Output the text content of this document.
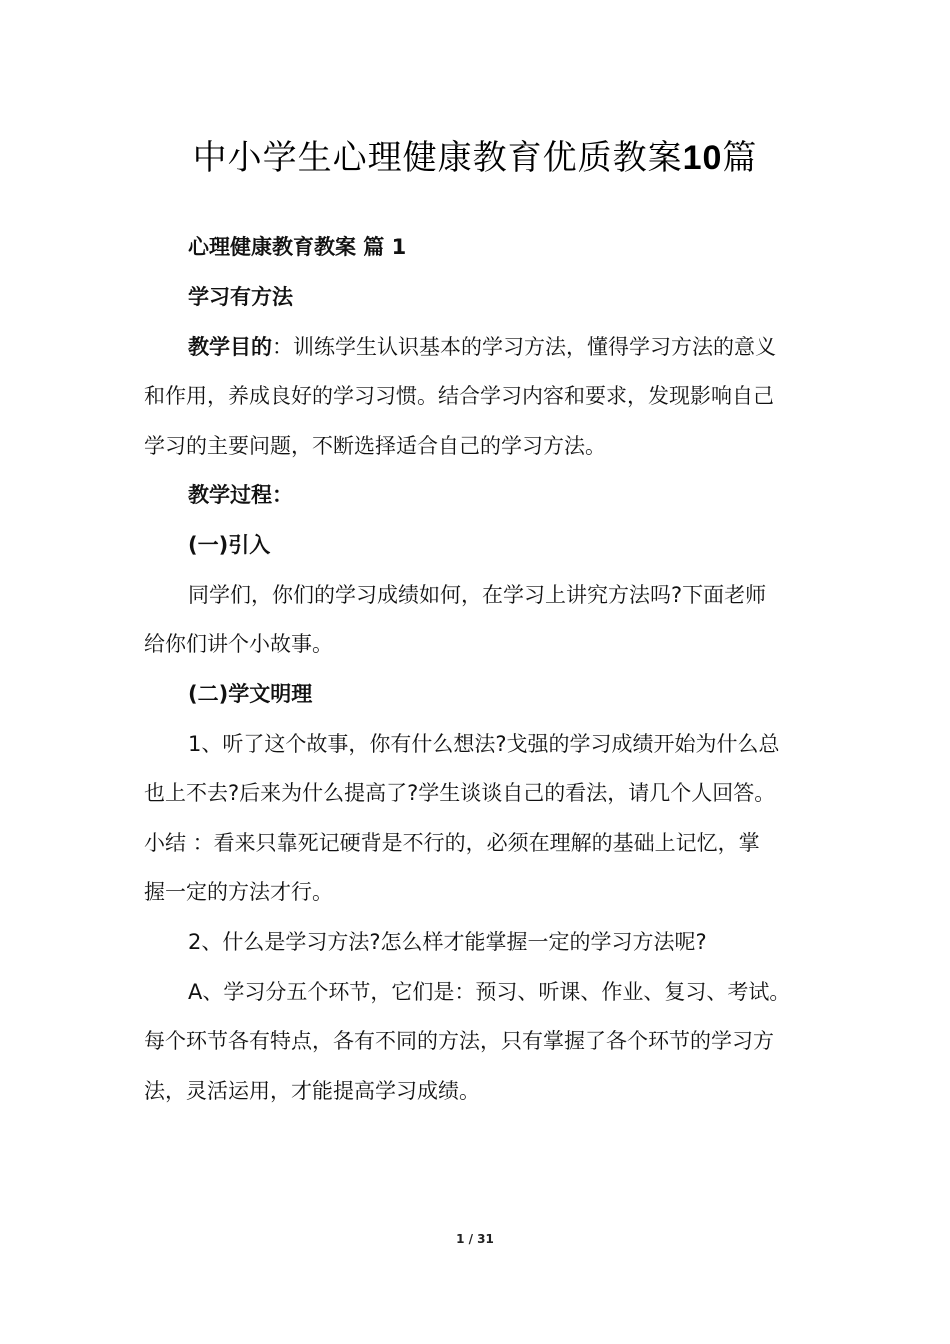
中小学生心理健康教育优质教案10篇
心理健康教育教案 篇 1
学习有方法
教学目的：训练学生认识基本的学习方法，懂得学习方法的意义
和作用，养成良好的学习习惯。结合学习内容和要求，发现影响自己
学习的主要问题，不断选择适合自己的学习方法。
教学过程：
(一)引入
同学们，你们的学习成绩如何，在学习上讲究方法吗?下面老师
给你们讲个小故事。
(二)学文明理
1、听了这个故事，你有什么想法?戈强的学习成绩开始为什么总
也上不去?后来为什么提高了?学生谈谈自己的看法，请几个人回答。
小结 ：看来只靠死记硬背是不行的，必须在理解的基础上记忆，掌
握一定的方法才行。
2、什么是学习方法?怎么样才能掌握一定的学习方法呢?
A、学习分五个环节，它们是：预习、听课、作业、复习、考试。
每个环节各有特点，各有不同的方法，只有掌握了各个环节的学习方
法，灵活运用，才能提高学习成绩。
1 / 31
